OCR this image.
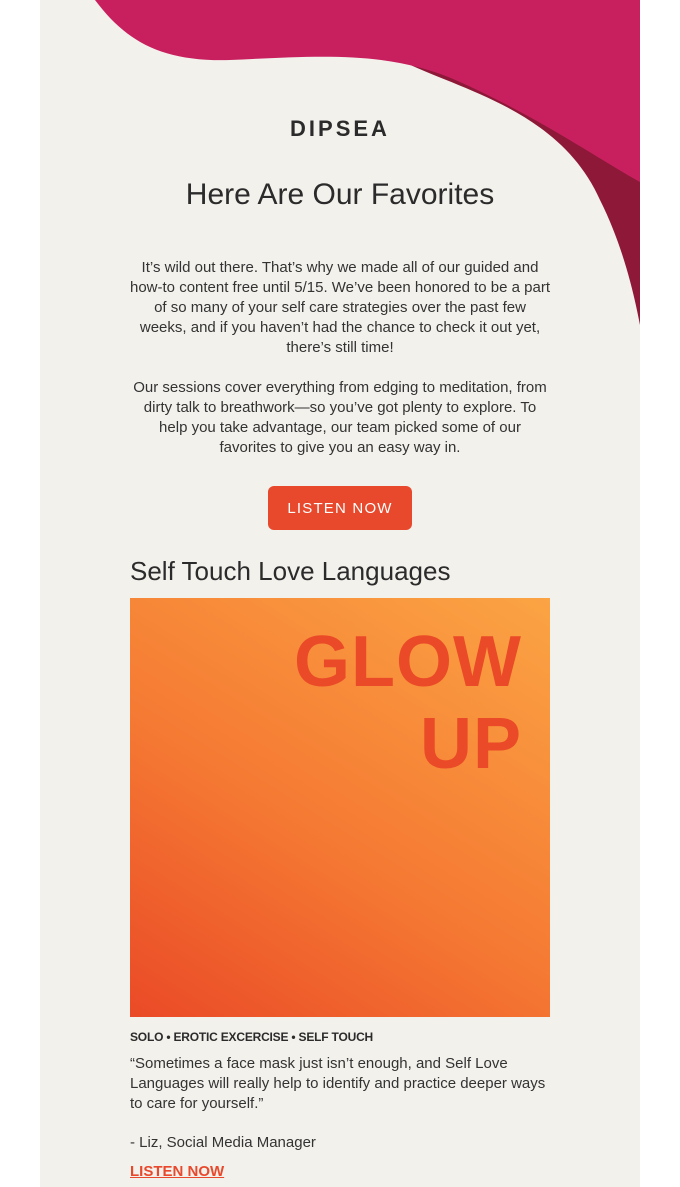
DIPSEA
Here Are Our Favorites

It’s wild out there. That’s why we made all of our guided and how-to content free until 5/15. We’ve been honored to be a part of so many of your self care strategies over the past few weeks, and if you haven’t had the chance to check it out yet, there’s still time!

Our sessions cover everything from edging to meditation, from dirty talk to breathwork—so you’ve got plenty to explore. To help you take advantage, our team picked some of our favorites to give you an easy way in.

LISTEN NOW
Self Touch Love Languages
GLOW
UP
SOLO • EROTIC EXCERCISE • SELF TOUCH

“Sometimes a face mask just isn’t enough, and Self Love Languages will really help to identify and practice deeper ways to care for yourself.”

- Liz, Social Media Manager
LISTEN NOW
